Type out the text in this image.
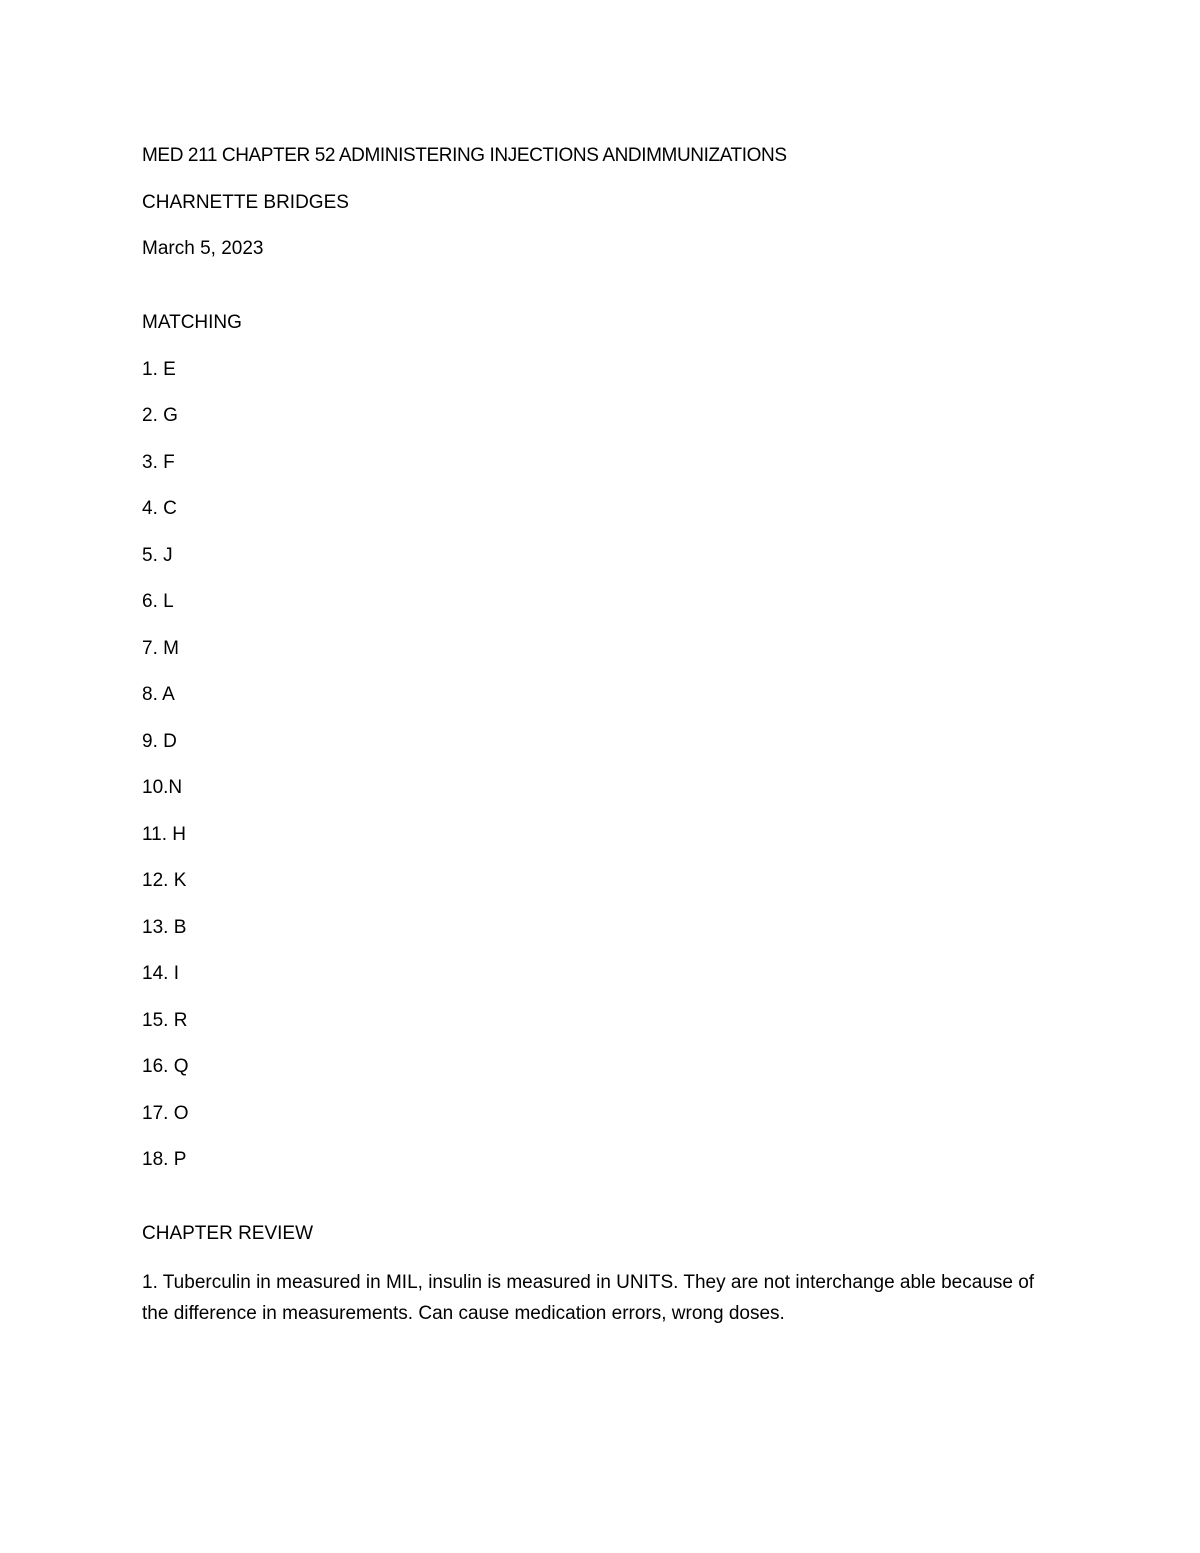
MED 211 CHAPTER 52 ADMINISTERING INJECTIONS ANDIMMUNIZATIONS
CHARNETTE BRIDGES
March 5, 2023
MATCHING
1. E
2. G
3. F
4. C
5. J
6. L
7. M
8. A
9. D
10.N
11. H
12. K
13. B
14. I
15. R
16. Q
17. O
18. P
CHAPTER REVIEW

1. Tuberculin in measured in MIL, insulin is measured in UNITS. They are not interchange able because of the difference in measurements. Can cause medication errors, wrong doses.
